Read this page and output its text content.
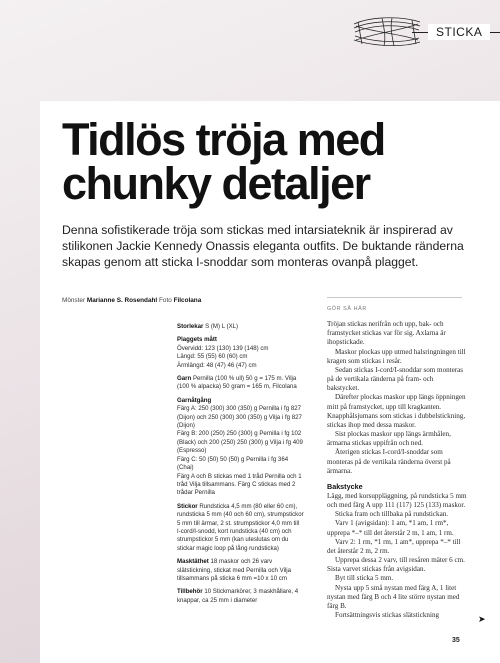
STICKA
Tidlös tröja med
chunky detaljer

Denna sofistikerade tröja som stickas med intarsiateknik är inspirerad av stilikonen Jackie Kennedy Onassis eleganta outfits. De buktande ränderna skapas genom att sticka I-snoddar som monteras ovanpå plagget.

Mönster Marianne S. Rosendahl Foto Filcolana

Storlekar S (M) L (XL)

Plaggets mått
Övervidd: 123 (130) 139 (148) cm
Längd: 55 (55) 60 (60) cm
Ärmlängd: 48 (47) 46 (47) cm

Garn Pernilla (100 % ull) 50 g = 175 m. Vilja (100 % alpacka) 50 gram = 165 m, Filcolana

Garnåtgång
Färg A: 250 (300) 300 (350) g Pernilla i fg 827 (Dijon) och 250 (300) 300 (350) g Vilja i fg 827 (Dijon)
Färg B: 200 (250) 250 (300) g Pernilla i fg 102 (Black) och 200 (250) 250 (300) g Vilja i fg 409 (Espresso)
Färg C: 50 (50) 50 (50) g Pernilla i fg 364 (Chai)
Färg A och B stickas med 1 tråd Pernilla och 1 tråd Vilja tillsammans. Färg C stickas med 2 trådar Pernilla

Stickor Rundsticka 4,5 mm (80 eller 60 cm), rundsticka 5 mm (40 och 60 cm), strumpstickor 5 mm till ärmar, 2 st. strumpstickor 4,0 mm till I-cord/I-snodd, kort rundsticka (40 cm) och strumpstickor 5 mm (kan uteslutas om du stickar magic loop på lång rundsticka)

Masktäthet 18 maskor och 26 varv slätstickning, stickat med Pernilla och Vilja tillsammans på sticka 6 mm =10 x 10 cm

Tillbehör 10 Stickmarkörer, 3 maskhållare, 4 knappar, ca 25 mm i diameter

GÖR SÅ HÄR

Tröjan stickas nerifrån och upp, bak- och framstycket stickas var för sig. Axlarna är ihopstickade.

Maskor plockas upp utmed halsringningen till kragen som stickas i resår.

Sedan stickas I-cord/I-snoddar som monteras på de vertikala ränderna på fram- och bakstycket.

Därefter plockas maskor upp längs öppningen mitt på framstycket, upp till kragkanten. Knapphålsjumans som stickas i dubbelstickning, stickas ihop med dessa maskor.

Sist plockas maskor upp längs ärmhålen, ärmarna stickas uppifrån och ned.

Återigen stickas I-cord/I-snoddar som monteras på de vertikala ränderna överst på ärmarna.

Bakstycke

Lägg, med korsuppläggning, på rundsticka 5 mm och med färg A upp 111 (117) 125 (133) maskor.

Sticka fram och tillbaka på rundstickan.

Varv 1 (avigsidan): 1 am, *1 am, 1 rm*, upprepa *–* till det återstår 2 m, 1 am, 1 rm.

Varv 2: 1 rm, *1 rm, 1 am*, upprepa *–* till det återstår 2 m, 2 rm.

Upprepa dessa 2 varv, till resåren mäter 6 cm. Sista varvet stickas från avigsidan.

Byt till sticka 5 mm.

Nysta upp 5 små nystan med färg A, 1 litet nystan med färg B och 4 lite större nystan med färg B.

Fortsättningsvis stickas slätstickning	➤
35
